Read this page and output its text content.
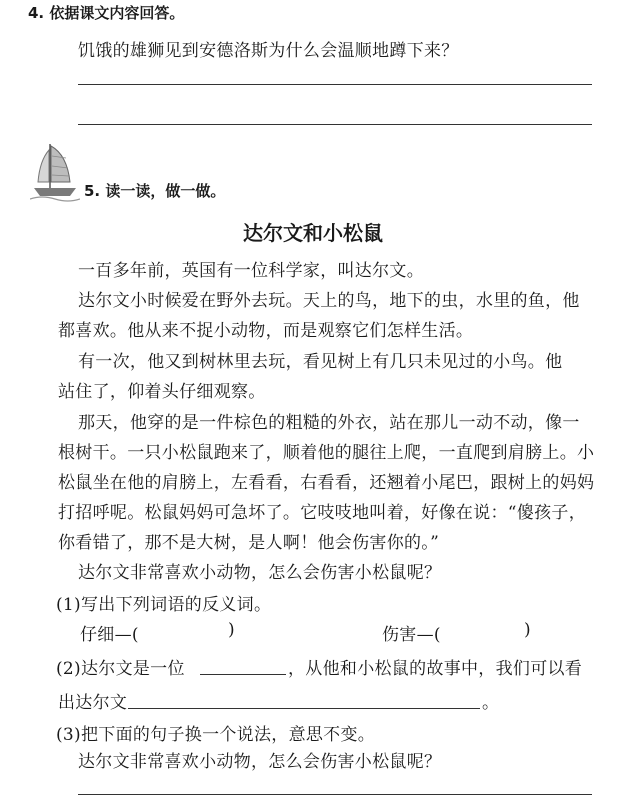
4. 依据课文内容回答。
饥饿的雄狮见到安德洛斯为什么会温顺地蹲下来？
5. 读一读，做一做。
达尔文和小松鼠
一百多年前，英国有一位科学家，叫达尔文。
达尔文小时候爱在野外去玩。天上的鸟，地下的虫，水里的鱼，他
都喜欢。他从来不捉小动物，而是观察它们怎样生活。
有一次，他又到树林里去玩，看见树上有几只未见过的小鸟。他
站住了，仰着头仔细观察。
那天，他穿的是一件棕色的粗糙的外衣，站在那儿一动不动，像一
根树干。一只小松鼠跑来了，顺着他的腿往上爬，一直爬到肩膀上。小
松鼠坐在他的肩膀上，左看看，右看看，还翘着小尾巴，跟树上的妈妈
打招呼呢。松鼠妈妈可急坏了。它吱吱地叫着，好像在说：“傻孩子，
你看错了，那不是大树，是人啊！他会伤害你的。”
达尔文非常喜欢小动物，怎么会伤害小松鼠呢？
(1)写出下列词语的反义词。
仔细—(	)	伤害—(	)
(2)达尔文是一位	，从他和小松鼠的故事中，我们可以看
出达尔文	。
(3)把下面的句子换一个说法，意思不变。
达尔文非常喜欢小动物，怎么会伤害小松鼠呢？
